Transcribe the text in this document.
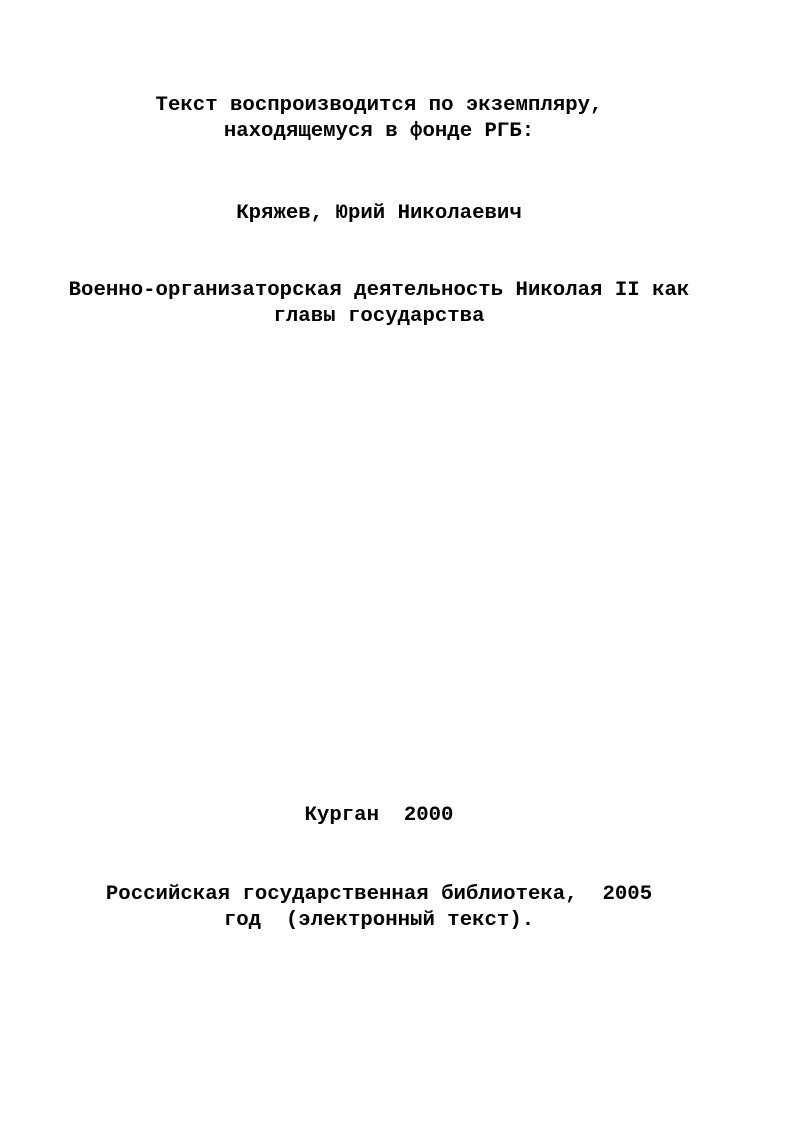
Текст воспроизводится по экземпляру,
находящемуся в фонде РГБ:
Кряжев, Юрий Николаевич
Военно-организаторская деятельность Николая II как
главы государства
Курган  2000
Российская государственная библиотека,  2005
год  (электронный текст).
